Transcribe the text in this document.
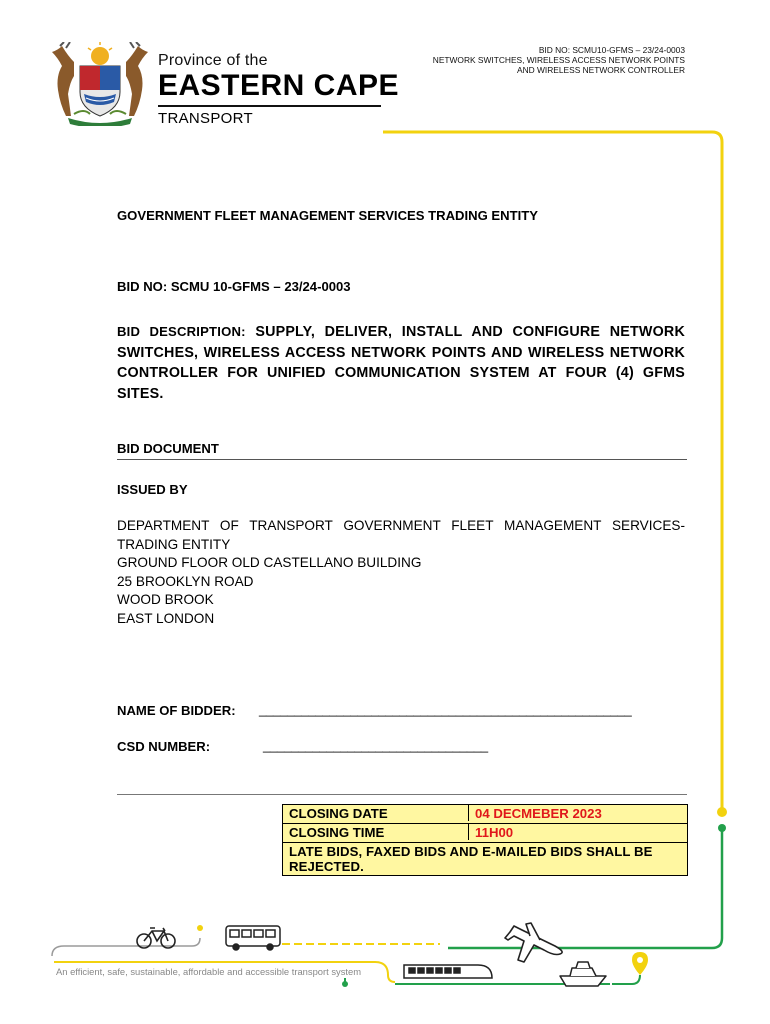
Province of the
EASTERN CAPE
TRANSPORT
BID NO: SCMU10-GFMS – 23/24-0003
NETWORK SWITCHES, WIRELESS ACCESS NETWORK POINTS
AND WIRELESS NETWORK CONTROLLER
GOVERNMENT FLEET MANAGEMENT SERVICES TRADING ENTITY
BID NO: SCMU 10-GFMS – 23/24-0003
BID DESCRIPTION: SUPPLY, DELIVER, INSTALL AND CONFIGURE NETWORK SWITCHES, WIRELESS ACCESS NETWORK POINTS AND WIRELESS NETWORK CONTROLLER FOR UNIFIED COMMUNICATION SYSTEM AT FOUR (4) GFMS SITES.
BID DOCUMENT
ISSUED BY
DEPARTMENT OF TRANSPORT GOVERNMENT FLEET MANAGEMENT SERVICES-
TRADING ENTITY
GROUND FLOOR OLD CASTELLANO BUILDING
25 BROOKLYN ROAD
WOOD BROOK
EAST LONDON
NAME OF BIDDER: _____________________________________________________
CSD NUMBER:	________________________________
CLOSING DATE	04 DECMEBER 2023
CLOSING TIME	11H00
LATE BIDS, FAXED BIDS AND E-MAILED BIDS SHALL BE REJECTED.
An efficient, safe, sustainable, affordable and accessible transport system
